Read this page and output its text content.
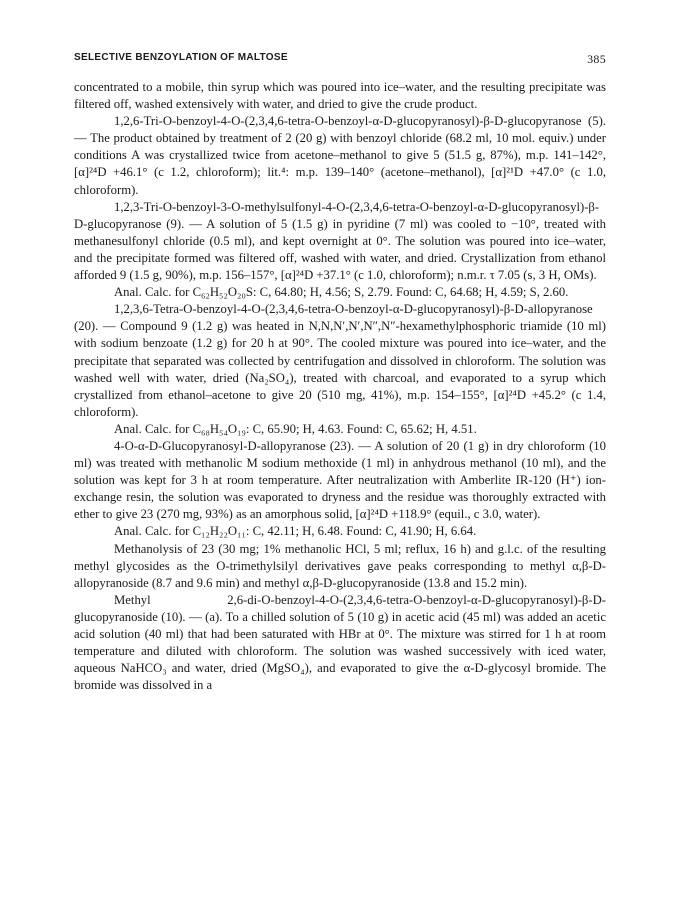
SELECTIVE BENZOYLATION OF MALTOSE	385

concentrated to a mobile, thin syrup which was poured into ice–water, and the resulting precipitate was filtered off, washed extensively with water, and dried to give the crude product.

1,2,6-Tri-O-benzoyl-4-O-(2,3,4,6-tetra-O-benzoyl-α-D-glucopyranosyl)-β-D-glucopyranose (5). — The product obtained by treatment of 2 (20 g) with benzoyl chloride (68.2 ml, 10 mol. equiv.) under conditions A was crystallized twice from acetone–methanol to give 5 (51.5 g, 87%), m.p. 141–142°, [α]²⁴D +46.1° (c 1.2, chloroform); lit.⁴: m.p. 139–140° (acetone–methanol), [α]²¹D +47.0° (c 1.0, chloroform).

1,2,3-Tri-O-benzoyl-3-O-methylsulfonyl-4-O-(2,3,4,6-tetra-O-benzoyl-α-D-glucopyranosyl)-β-D-glucopyranose (9). — A solution of 5 (1.5 g) in pyridine (7 ml) was cooled to −10°, treated with methanesulfonyl chloride (0.5 ml), and kept overnight at 0°. The solution was poured into ice–water, and the precipitate formed was filtered off, washed with water, and dried. Crystallization from ethanol afforded 9 (1.5 g, 90%), m.p. 156–157°, [α]²⁴D +37.1° (c 1.0, chloroform); n.m.r. τ 7.05 (s, 3 H, OMs).

Anal. Calc. for C₆₂H₅₂O₂₀S: C, 64.80; H, 4.56; S, 2.79. Found: C, 64.68; H, 4.59; S, 2.60.

1,2,3,6-Tetra-O-benzoyl-4-O-(2,3,4,6-tetra-O-benzoyl-α-D-glucopyranosyl)-β-D-allopyranose (20). — Compound 9 (1.2 g) was heated in N,N,N′,N′,N″,N″-hexamethylphosphoric triamide (10 ml) with sodium benzoate (1.2 g) for 20 h at 90°. The cooled mixture was poured into ice–water, and the precipitate that separated was collected by centrifugation and dissolved in chloroform. The solution was washed well with water, dried (Na₂SO₄), treated with charcoal, and evaporated to a syrup which crystallized from ethanol–acetone to give 20 (510 mg, 41%), m.p. 154–155°, [α]²⁴D +45.2° (c 1.4, chloroform).

Anal. Calc. for C₆₈H₅₄O₁₉: C, 65.90; H, 4.63. Found: C, 65.62; H, 4.51.

4-O-α-D-Glucopyranosyl-D-allopyranose (23). — A solution of 20 (1 g) in dry chloroform (10 ml) was treated with methanolic M sodium methoxide (1 ml) in anhydrous methanol (10 ml), and the solution was kept for 3 h at room temperature. After neutralization with Amberlite IR-120 (H⁺) ion-exchange resin, the solution was evaporated to dryness and the residue was thoroughly extracted with ether to give 23 (270 mg, 93%) as an amorphous solid, [α]²⁴D +118.9° (equil., c 3.0, water).

Anal. Calc. for C₁₂H₂₂O₁₁: C, 42.11; H, 6.48. Found: C, 41.90; H, 6.64.

Methanolysis of 23 (30 mg; 1% methanolic HCl, 5 ml; reflux, 16 h) and g.l.c. of the resulting methyl glycosides as the O-trimethylsilyl derivatives gave peaks corresponding to methyl α,β-D-allopyranoside (8.7 and 9.6 min) and methyl α,β-D-glucopyranoside (13.8 and 15.2 min).

Methyl 2,6-di-O-benzoyl-4-O-(2,3,4,6-tetra-O-benzoyl-α-D-glucopyranosyl)-β-D-glucopyranoside (10). — (a). To a chilled solution of 5 (10 g) in acetic acid (45 ml) was added an acetic acid solution (40 ml) that had been saturated with HBr at 0°. The mixture was stirred for 1 h at room temperature and diluted with chloroform. The solution was washed successively with iced water, aqueous NaHCO₃ and water, dried (MgSO₄), and evaporated to give the α-D-glycosyl bromide. The bromide was dissolved in a
